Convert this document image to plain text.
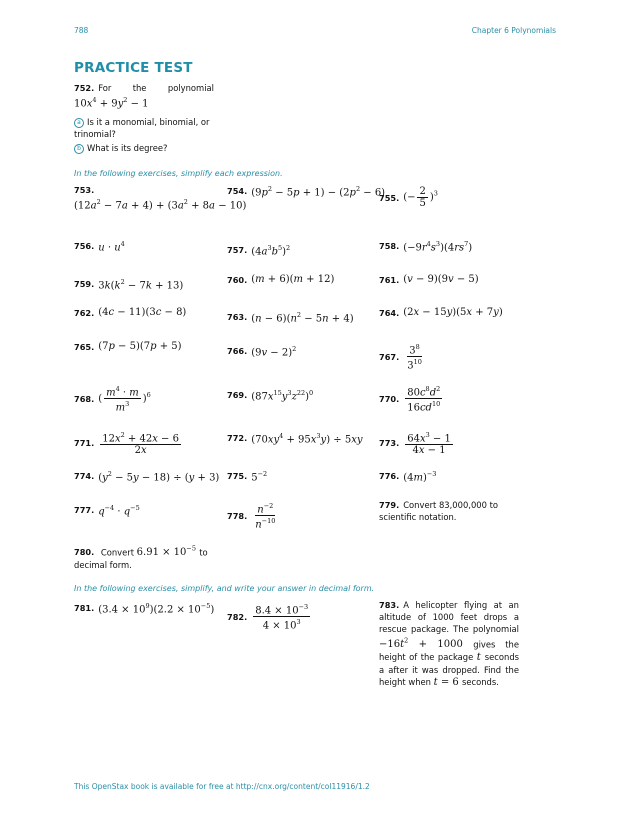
788	Chapter 6 Polynomials
PRACTICE TEST
752. For the polynomial
$10x^4 + 9y^2 - 1$
a Is it a monomial, binomial, or trinomial?
b What is its degree?
In the following exercises, simplify each expression.
753.
$(12a^2 - 7a + 4) + (3a^2 + 8a - 10)$
754. $(9p^2 - 5p + 1) - (2p^2 - 6)$
755. (− $\frac{2}{5} )^3$
756. $u \cdot u^4$
757. $(4a^3b^5)^2$	758. $(-9r^4s^3)(4rs^7)$
759. $3k(k^2 - 7k + 13)$
760. (m + 6)(m + 12)	761. (v − 9)(9v − 5)
762. (4c − 11)(3c − 8)	763. $(n - 6)(n^2 - 5n + 4)$
764. (2x − 15y)(5x + 7y)
765. (7p − 5)(7p + 5)	766. $(9v - 2)^2$
767. $\frac{3^8}{3^{10}}$
768. ( $\frac{m^4 \cdot m}{m^3} )^6$	769. $(87x^{15}y^3z^{22})^0$
770. $\frac{80c^8d^2}{16cd^{10}}$
771. $\frac{12x^2 + 42x - 6}{2x}$	772. $(70xy^4 + 95x^3y) \div 5xy$ 773. $\frac{64x^3 - 1}{4x - 1}$
774. $(y^2 - 5y - 18) \div (y + 3)$ 775. $5^{-2}$	776. $(4m)^{-3}$
777. $q^{-4} \cdot q^{-5}$
778. $\frac{n^{-2}}{n^{-10}}$	779. Convert 83,000,000 to scientific notation.
780. Convert $6.91 \times 10^{-5}$ to decimal form.
In the following exercises, simplify, and write your answer in decimal form.
781. $(3.4 \times 10^9)(2.2 \times 10^{-5})$
782. $\frac{8.4 \times 10^{-3}}{4 \times 10^3}$	783. A helicopter flying at an altitude of 1000 feet drops a rescue package. The polynomial $-16t^2 + 1000$ gives the height of the package t seconds a after it was dropped. Find the height when t = 6 seconds.
This OpenStax book is available for free at http://cnx.org/content/col11916/1.2
